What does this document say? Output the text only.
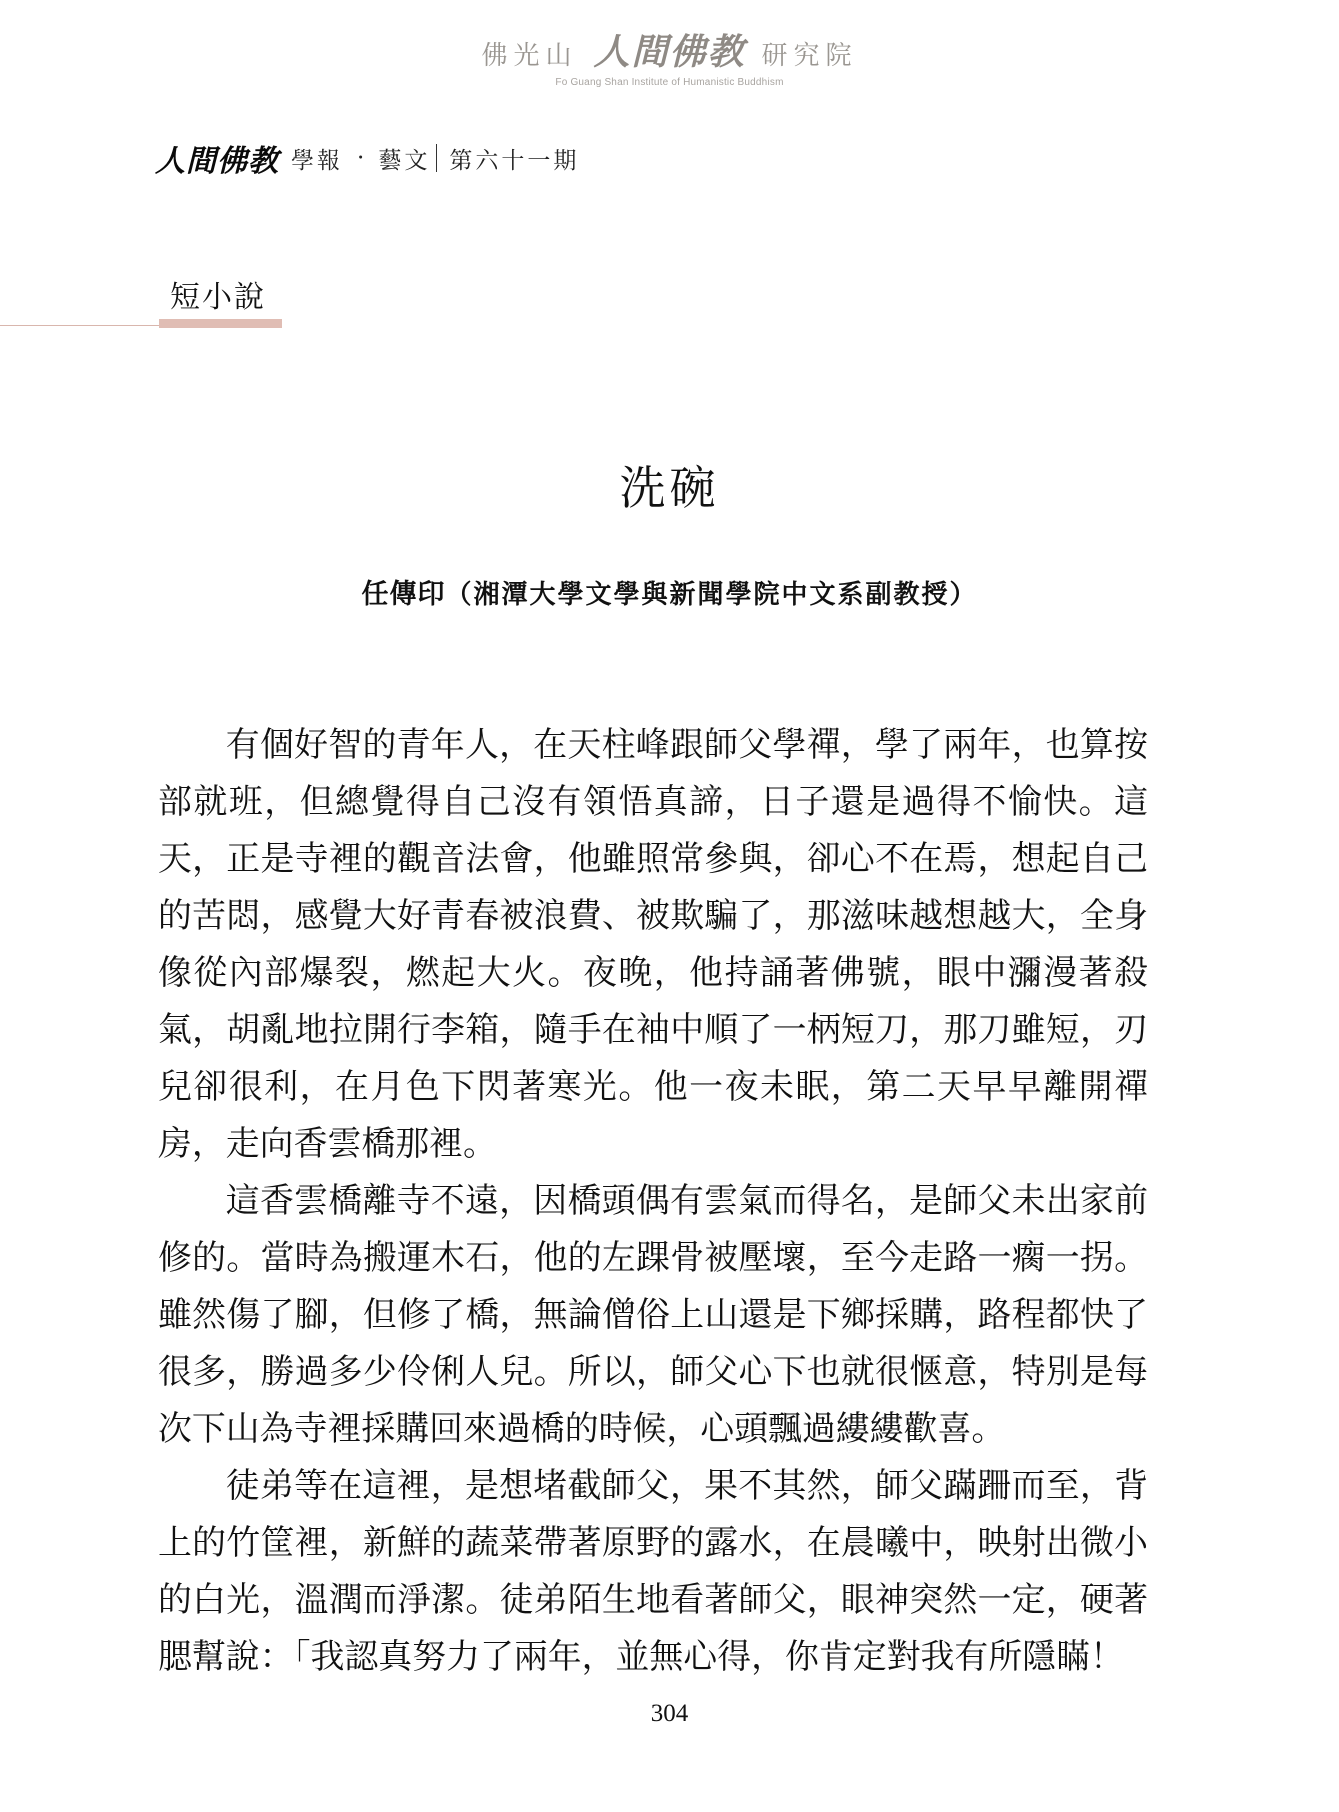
佛光山 人間佛教 研究院
Fo Guang Shan Institute of Humanistic Buddhism
人間佛教 學報 · 藝文 第六十一期
短小說
洗碗
任傳印（湘潭大學文學與新聞學院中文系副教授）

有個好智的青年人，在天柱峰跟師父學禪，學了兩年，也算按部就班，但總覺得自己沒有領悟真諦，日子還是過得不愉快。這天，正是寺裡的觀音法會，他雖照常參與，卻心不在焉，想起自己的苦悶，感覺大好青春被浪費、被欺騙了，那滋味越想越大，全身像從內部爆裂，燃起大火。夜晚，他持誦著佛號，眼中瀰漫著殺氣，胡亂地拉開行李箱，隨手在袖中順了一柄短刀，那刀雖短，刃兒卻很利，在月色下閃著寒光。他一夜未眠，第二天早早離開禪房，走向香雲橋那裡。

這香雲橋離寺不遠，因橋頭偶有雲氣而得名，是師父未出家前修的。當時為搬運木石，他的左踝骨被壓壞，至今走路一瘸一拐。雖然傷了腳，但修了橋，無論僧俗上山還是下鄉採購，路程都快了很多，勝過多少伶俐人兒。所以，師父心下也就很愜意，特別是每次下山為寺裡採購回來過橋的時候，心頭飄過縷縷歡喜。

徒弟等在這裡，是想堵截師父，果不其然，師父蹣跚而至，背上的竹筐裡，新鮮的蔬菜帶著原野的露水，在晨曦中，映射出微小的白光，溫潤而淨潔。徒弟陌生地看著師父，眼神突然一定，硬著腮幫說：「我認真努力了兩年，並無心得，你肯定對我有所隱瞞！

304
